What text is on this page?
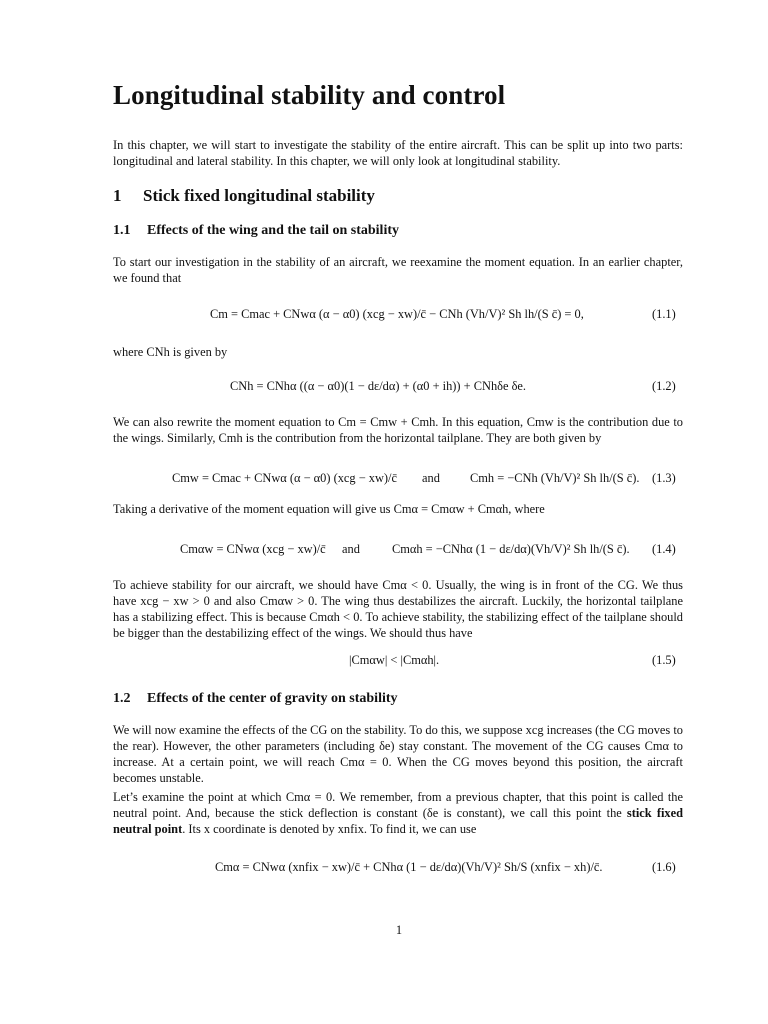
Longitudinal stability and control

In this chapter, we will start to investigate the stability of the entire aircraft. This can be split up into two parts: longitudinal and lateral stability. In this chapter, we will only look at longitudinal stability.

1 Stick fixed longitudinal stability
1.1 Effects of the wing and the tail on stability

To start our investigation in the stability of an aircraft, we reexamine the moment equation. In an earlier chapter, we found that

Cm = Cmac + CNwα (α − α0) (xcg − xw)/c̄ − CNh (Vh/V)² Sh lh/(S c̄) = 0,	(1.1)

where CNh is given by

CNh = CNhα ((α − α0)(1 − dε/dα) + (α0 + ih)) + CNhδe δe.	(1.2)

We can also rewrite the moment equation to Cm = Cmw + Cmh. In this equation, Cmw is the contribution due to the wings. Similarly, Cmh is the contribution from the horizontal tailplane. They are both given by

Cmw = Cmac + CNwα (α − α0) (xcg − xw)/c̄ and Cmh = −CNh (Vh/V)² Sh lh/(S c̄). (1.3)

Taking a derivative of the moment equation will give us Cmα = Cmαw + Cmαh, where

Cmαw = CNwα (xcg − xw)/c̄ and	Cmαh = −CNhα (1 − dε/dα)(Vh/V)² Sh lh/(S c̄). (1.4)

To achieve stability for our aircraft, we should have Cmα < 0. Usually, the wing is in front of the CG. We thus have xcg − xw > 0 and also Cmαw > 0. The wing thus destabilizes the aircraft. Luckily, the horizontal tailplane has a stabilizing effect. This is because Cmαh < 0. To achieve stability, the stabilizing effect of the tailplane should be bigger than the destabilizing effect of the wings. We should thus have

|Cmαw| < |Cmαh|.	(1.5)
1.2 Effects of the center of gravity on stability

We will now examine the effects of the CG on the stability. To do this, we suppose xcg increases (the CG moves to the rear). However, the other parameters (including δe) stay constant. The movement of the CG causes Cmα to increase. At a certain point, we will reach Cmα = 0. When the CG moves beyond this position, the aircraft becomes unstable.

Let’s examine the point at which Cmα = 0. We remember, from a previous chapter, that this point is called the neutral point. And, because the stick deflection is constant (δe is constant), we call this point the stick fixed neutral point. Its x coordinate is denoted by xnfix. To find it, we can use

Cmα = CNwα (xnfix − xw)/c̄ + CNhα (1 − dε/dα)(Vh/V)² Sh/S (xnfix − xh)/c̄.	(1.6)
1
